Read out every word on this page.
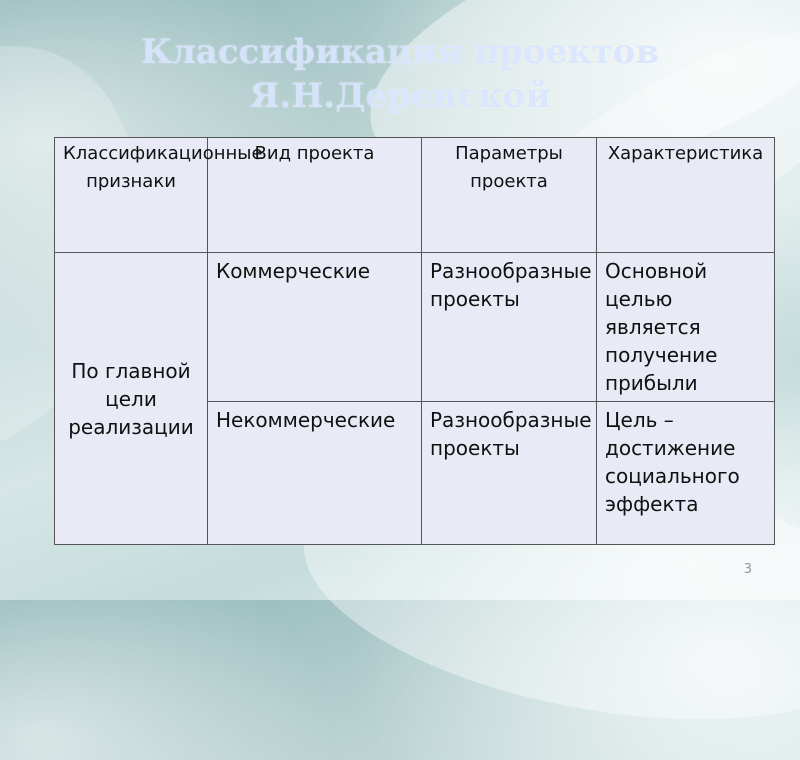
Классификация проектов
Я.Н.Деренской
Классификационные признаки	Вид проекта	Параметры проекта	Характеристика
По главной цели реализации	Коммерческие	Разнообразные проекты	Основной целью является получение прибыли
	Некоммерческие	Разнообразные проекты	Цель – достижение социального эффекта
3
